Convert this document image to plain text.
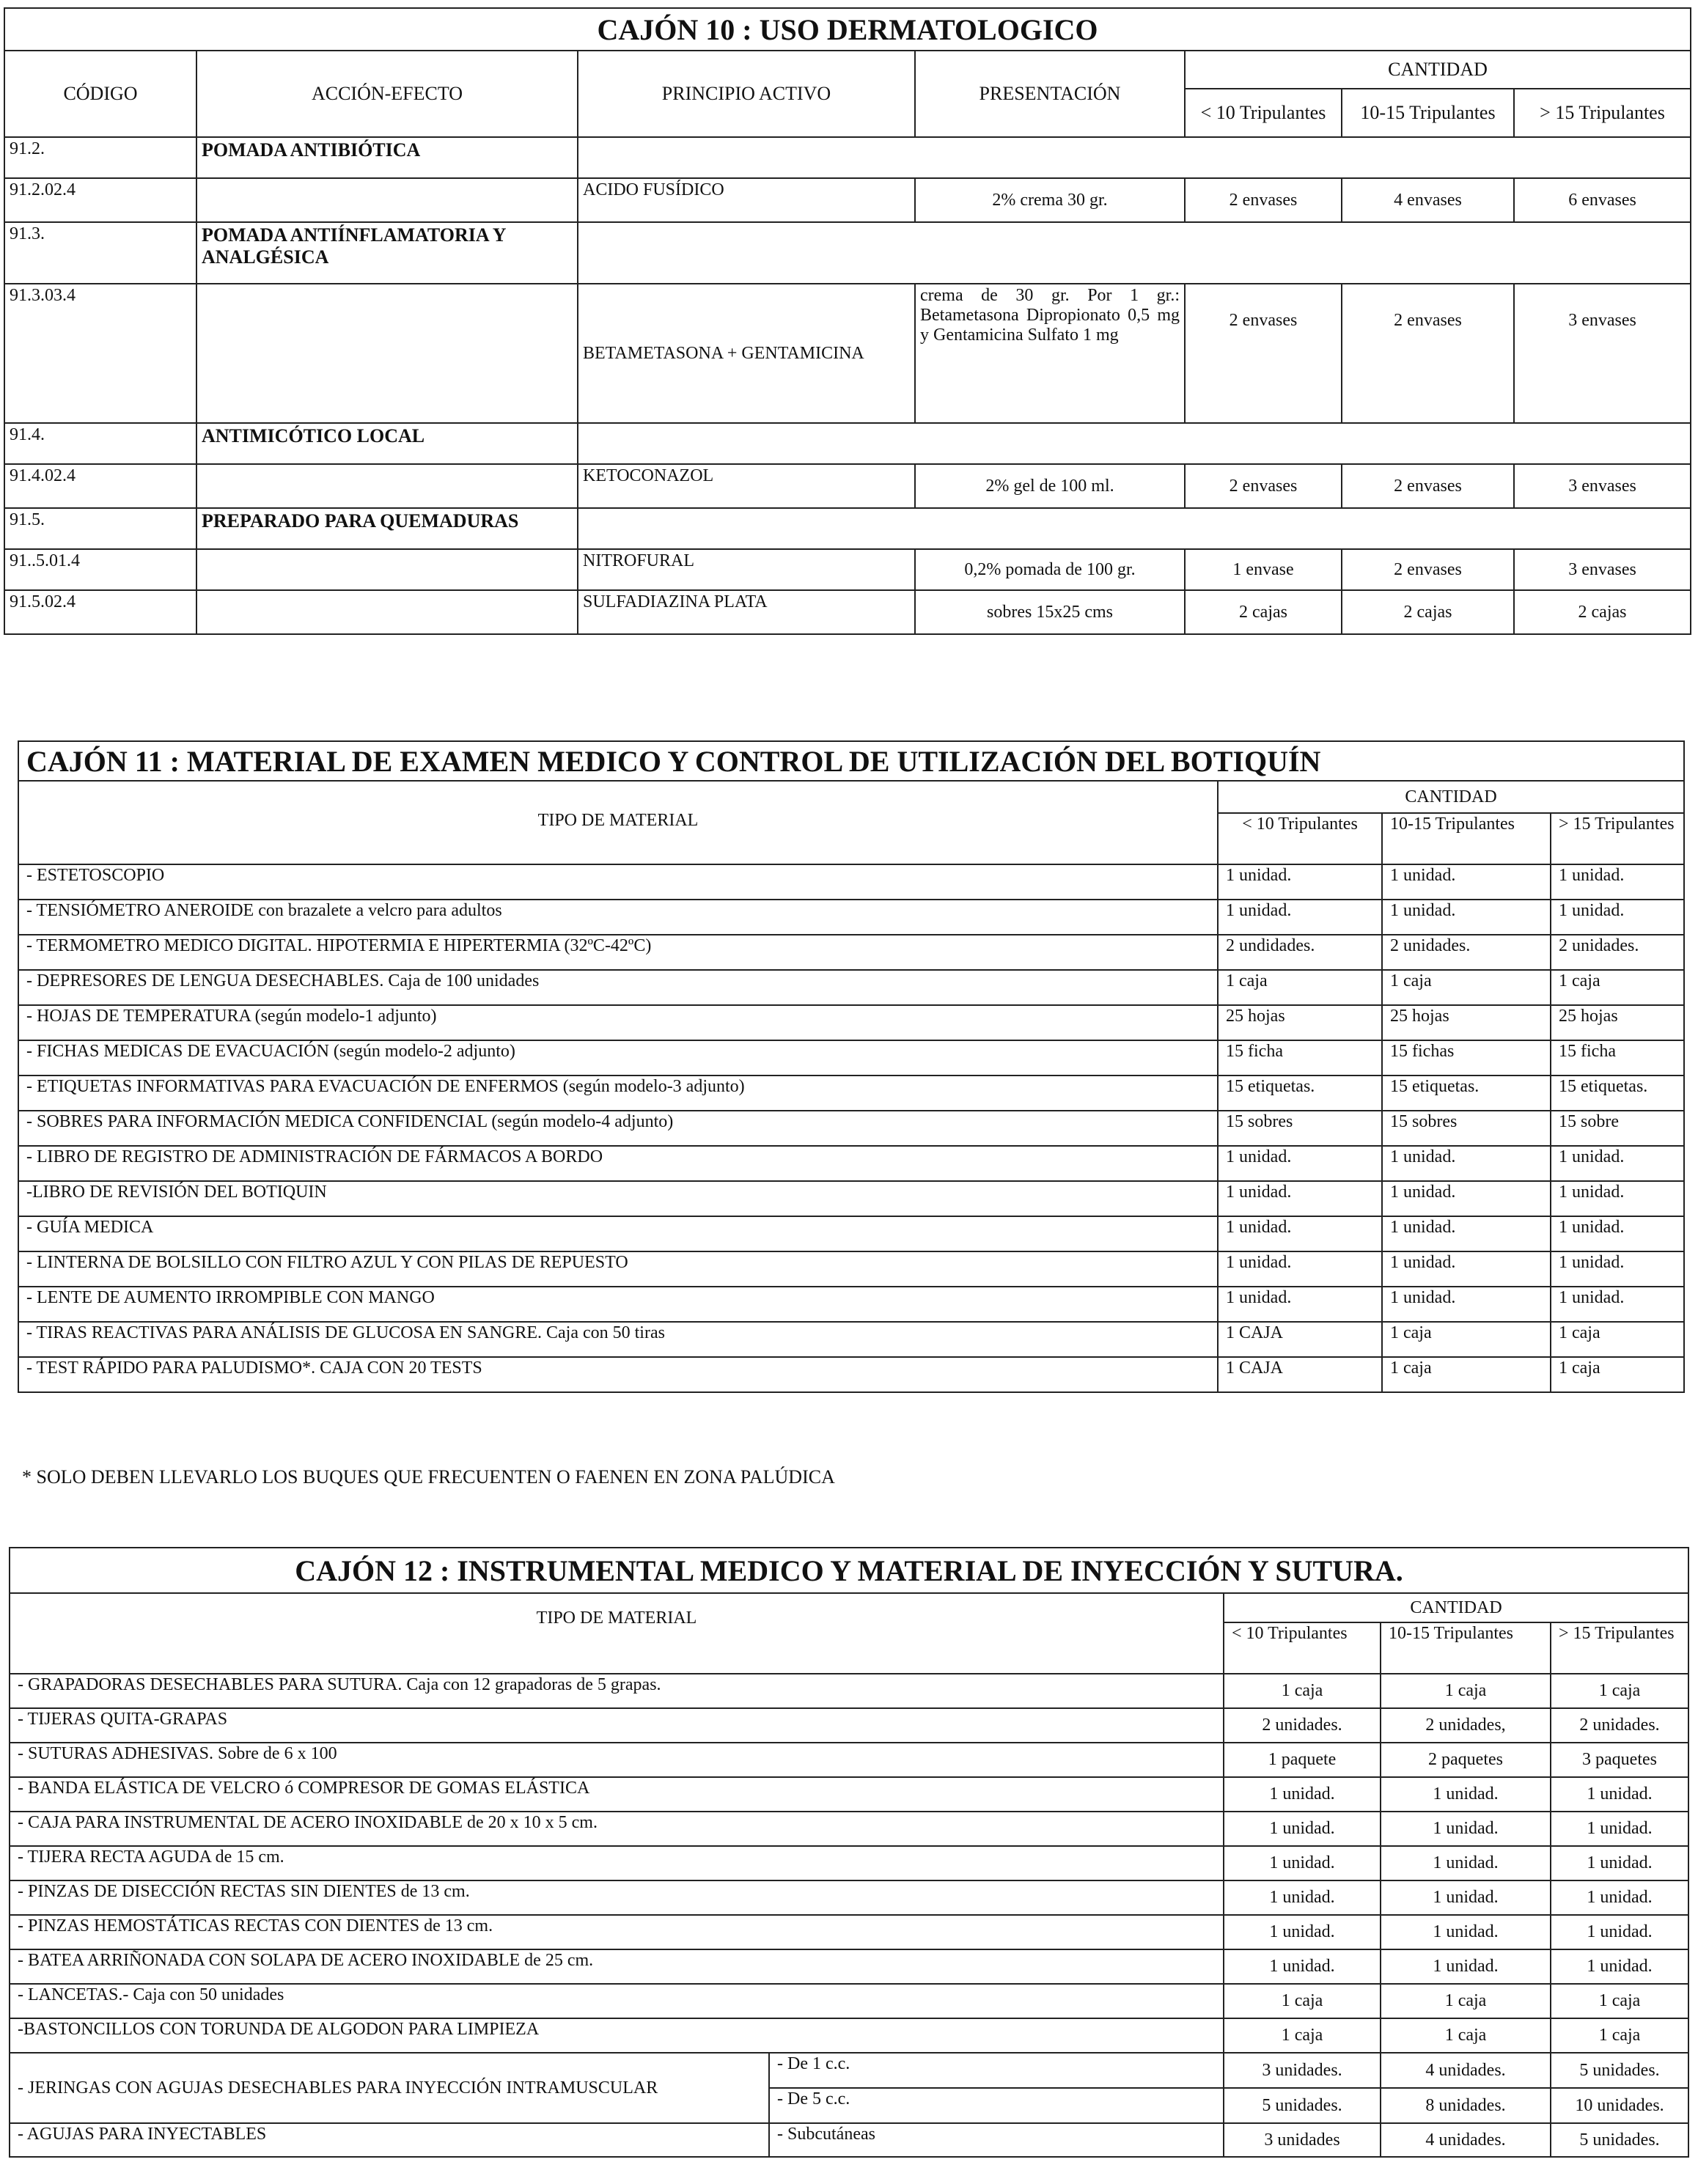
CAJÓN 10 : USO DERMATOLOGICO						
CÓDIGO	ACCIÓN-EFECTO	PRINCIPIO ACTIVO	PRESENTACIÓN	CANTIDAD		
				< 10 Tripulantes	10-15 Tripulantes	> 15 Tripulantes
91.2.	POMADA ANTIBIÓTICA					
91.2.02.4		ACIDO FUSÍDICO	2% crema 30 gr.	2 envases	4 envases	6 envases
91.3.	POMADA ANTIÍNFLAMATORIA Y ANALGÉSICA					
91.3.03.4		BETAMETASONA + GENTAMICINA	crema de 30 gr. Por 1 gr.: Betametasona Dipropionato 0,5 mg y Gentamicina Sulfato 1 mg	2 envases	2 envases	3 envases
91.4.	ANTIMICÓTICO LOCAL					
91.4.02.4		KETOCONAZOL	2% gel de 100 ml.	2 envases	2 envases	3 envases
91.5.	PREPARADO PARA QUEMADURAS					
91..5.01.4		NITROFURAL	0,2% pomada de 100 gr.	1 envase	2 envases	3 envases
91.5.02.4		SULFADIAZINA PLATA	sobres 15x25 cms	2 cajas	2 cajas	2 cajas
CAJÓN 11 : MATERIAL DE EXAMEN MEDICO Y CONTROL DE UTILIZACIÓN DEL BOTIQUÍN			
TIPO DE MATERIAL	CANTIDAD		
	< 10 Tripulantes	10-15 Tripulantes	> 15 Tripulantes
- ESTETOSCOPIO	1 unidad.	1 unidad.	1 unidad.
- TENSIÓMETRO ANEROIDE con brazalete a velcro para adultos	1 unidad.	1 unidad.	1 unidad.
- TERMOMETRO MEDICO DIGITAL. HIPOTERMIA E HIPERTERMIA (32ºC-42ºC)	2 undidades.	2 unidades.	2 unidades.
- DEPRESORES DE LENGUA DESECHABLES. Caja de 100 unidades	1 caja	1 caja	1 caja
- HOJAS DE TEMPERATURA (según modelo-1 adjunto)	25 hojas	25 hojas	25 hojas
- FICHAS MEDICAS DE EVACUACIÓN (según modelo-2 adjunto)	15 ficha	15 fichas	15 ficha
- ETIQUETAS INFORMATIVAS PARA EVACUACIÓN DE ENFERMOS (según modelo-3 adjunto)	15 etiquetas.	15 etiquetas.	15 etiquetas.
- SOBRES PARA INFORMACIÓN MEDICA CONFIDENCIAL (según modelo-4 adjunto)	15 sobres	15 sobres	15 sobre
- LIBRO DE REGISTRO DE ADMINISTRACIÓN DE FÁRMACOS A BORDO	1 unidad.	1 unidad.	1 unidad.
-LIBRO DE REVISIÓN DEL BOTIQUIN	1 unidad.	1 unidad.	1 unidad.
- GUÍA MEDICA	1 unidad.	1 unidad.	1 unidad.
- LINTERNA DE BOLSILLO CON FILTRO AZUL Y CON PILAS DE REPUESTO	1 unidad.	1 unidad.	1 unidad.
- LENTE DE AUMENTO IRROMPIBLE CON MANGO	1 unidad.	1 unidad.	1 unidad.
- TIRAS REACTIVAS PARA ANÁLISIS DE GLUCOSA EN SANGRE. Caja con 50 tiras	1 CAJA	1 caja	1 caja
- TEST RÁPIDO PARA PALUDISMO*. CAJA CON 20 TESTS	1 CAJA	1 caja	1 caja
* SOLO DEBEN LLEVARLO LOS BUQUES QUE FRECUENTEN O FAENEN EN ZONA PALÚDICA
CAJÓN 12 : INSTRUMENTAL MEDICO Y MATERIAL DE INYECCIÓN Y SUTURA.				
TIPO DE MATERIAL		CANTIDAD		
		< 10 Tripulantes	10-15 Tripulantes	> 15 Tripulantes
- GRAPADORAS DESECHABLES PARA SUTURA. Caja con 12 grapadoras de 5 grapas.		1 caja	1 caja	1 caja
- TIJERAS QUITA-GRAPAS		2 unidades.	2 unidades,	2 unidades.
- SUTURAS ADHESIVAS. Sobre de 6 x 100		1 paquete	2 paquetes	3 paquetes
- BANDA ELÁSTICA DE VELCRO ó COMPRESOR DE GOMAS ELÁSTICA		1 unidad.	1 unidad.	1 unidad.
- CAJA PARA INSTRUMENTAL DE ACERO INOXIDABLE de 20 x 10 x 5 cm.		1 unidad.	1 unidad.	1 unidad.
- TIJERA RECTA AGUDA de 15 cm.		1 unidad.	1 unidad.	1 unidad.
- PINZAS DE DISECCIÓN RECTAS SIN DIENTES de 13 cm.		1 unidad.	1 unidad.	1 unidad.
- PINZAS HEMOSTÁTICAS RECTAS CON DIENTES de 13 cm.		1 unidad.	1 unidad.	1 unidad.
- BATEA ARRIÑONADA CON SOLAPA DE ACERO INOXIDABLE de 25 cm.		1 unidad.	1 unidad.	1 unidad.
- LANCETAS.- Caja con 50 unidades		1 caja	1 caja	1 caja
-BASTONCILLOS CON TORUNDA DE ALGODON PARA LIMPIEZA		1 caja	1 caja	1 caja
- JERINGAS CON AGUJAS DESECHABLES PARA INYECCIÓN INTRAMUSCULAR	- De 1 c.c.	3 unidades.	4 unidades.	5 unidades.
	- De 5 c.c.	5 unidades.	8 unidades.	10 unidades.
- AGUJAS PARA INYECTABLES	- Subcutáneas	3 unidades	4 unidades.	5 unidades.
